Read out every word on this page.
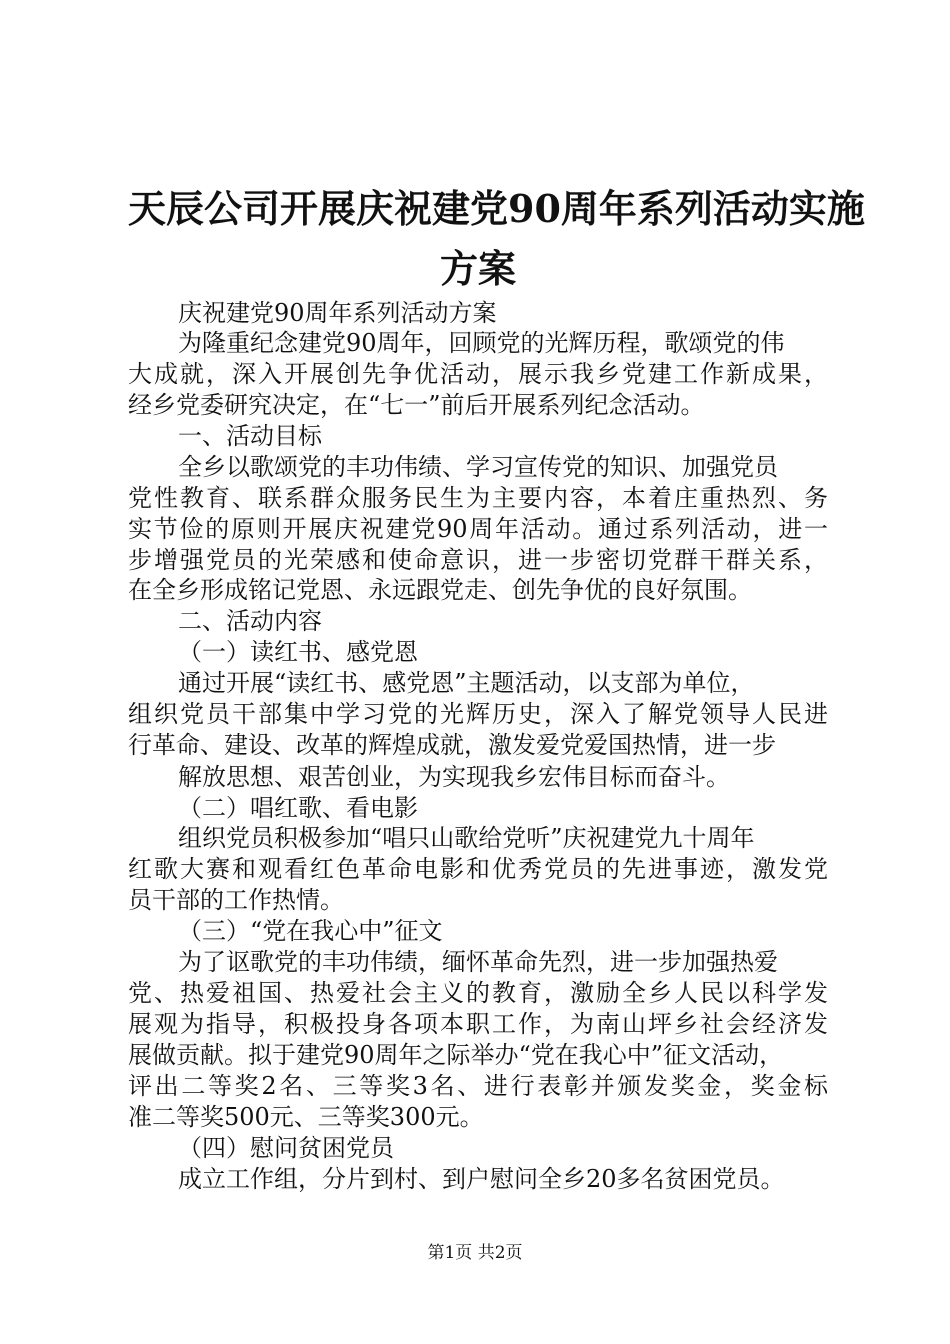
天辰公司开展庆祝建党90周年系列活动实施
方案
庆祝建党90周年系列活动方案
为隆重纪念建党90周年，回顾党的光辉历程，歌颂党的伟
大成就，深入开展创先争优活动，展示我乡党建工作新成果，
经乡党委研究决定，在“七一”前后开展系列纪念活动。
一、活动目标
全乡以歌颂党的丰功伟绩、学习宣传党的知识、加强党员
党性教育、联系群众服务民生为主要内容，本着庄重热烈、务
实节俭的原则开展庆祝建党90周年活动。通过系列活动，进一
步增强党员的光荣感和使命意识，进一步密切党群干群关系，
在全乡形成铭记党恩、永远跟党走、创先争优的良好氛围。
二、活动内容
（一）读红书、感党恩
通过开展“读红书、感党恩”主题活动，以支部为单位，
组织党员干部集中学习党的光辉历史，深入了解党领导人民进
行革命、建设、改革的辉煌成就，激发爱党爱国热情，进一步
解放思想、艰苦创业，为实现我乡宏伟目标而奋斗。
（二）唱红歌、看电影
组织党员积极参加“唱只山歌给党听”庆祝建党九十周年
红歌大赛和观看红色革命电影和优秀党员的先进事迹，激发党
员干部的工作热情。
（三）“党在我心中”征文
为了讴歌党的丰功伟绩，缅怀革命先烈，进一步加强热爱
党、热爱祖国、热爱社会主义的教育，激励全乡人民以科学发
展观为指导，积极投身各项本职工作，为南山坪乡社会经济发
展做贡献。拟于建党90周年之际举办“党在我心中”征文活动，
评出二等奖2名、三等奖3名、进行表彰并颁发奖金，奖金标
准二等奖500元、三等奖300元。
（四）慰问贫困党员
成立工作组，分片到村、到户慰问全乡20多名贫困党员。
第1页 共2页
